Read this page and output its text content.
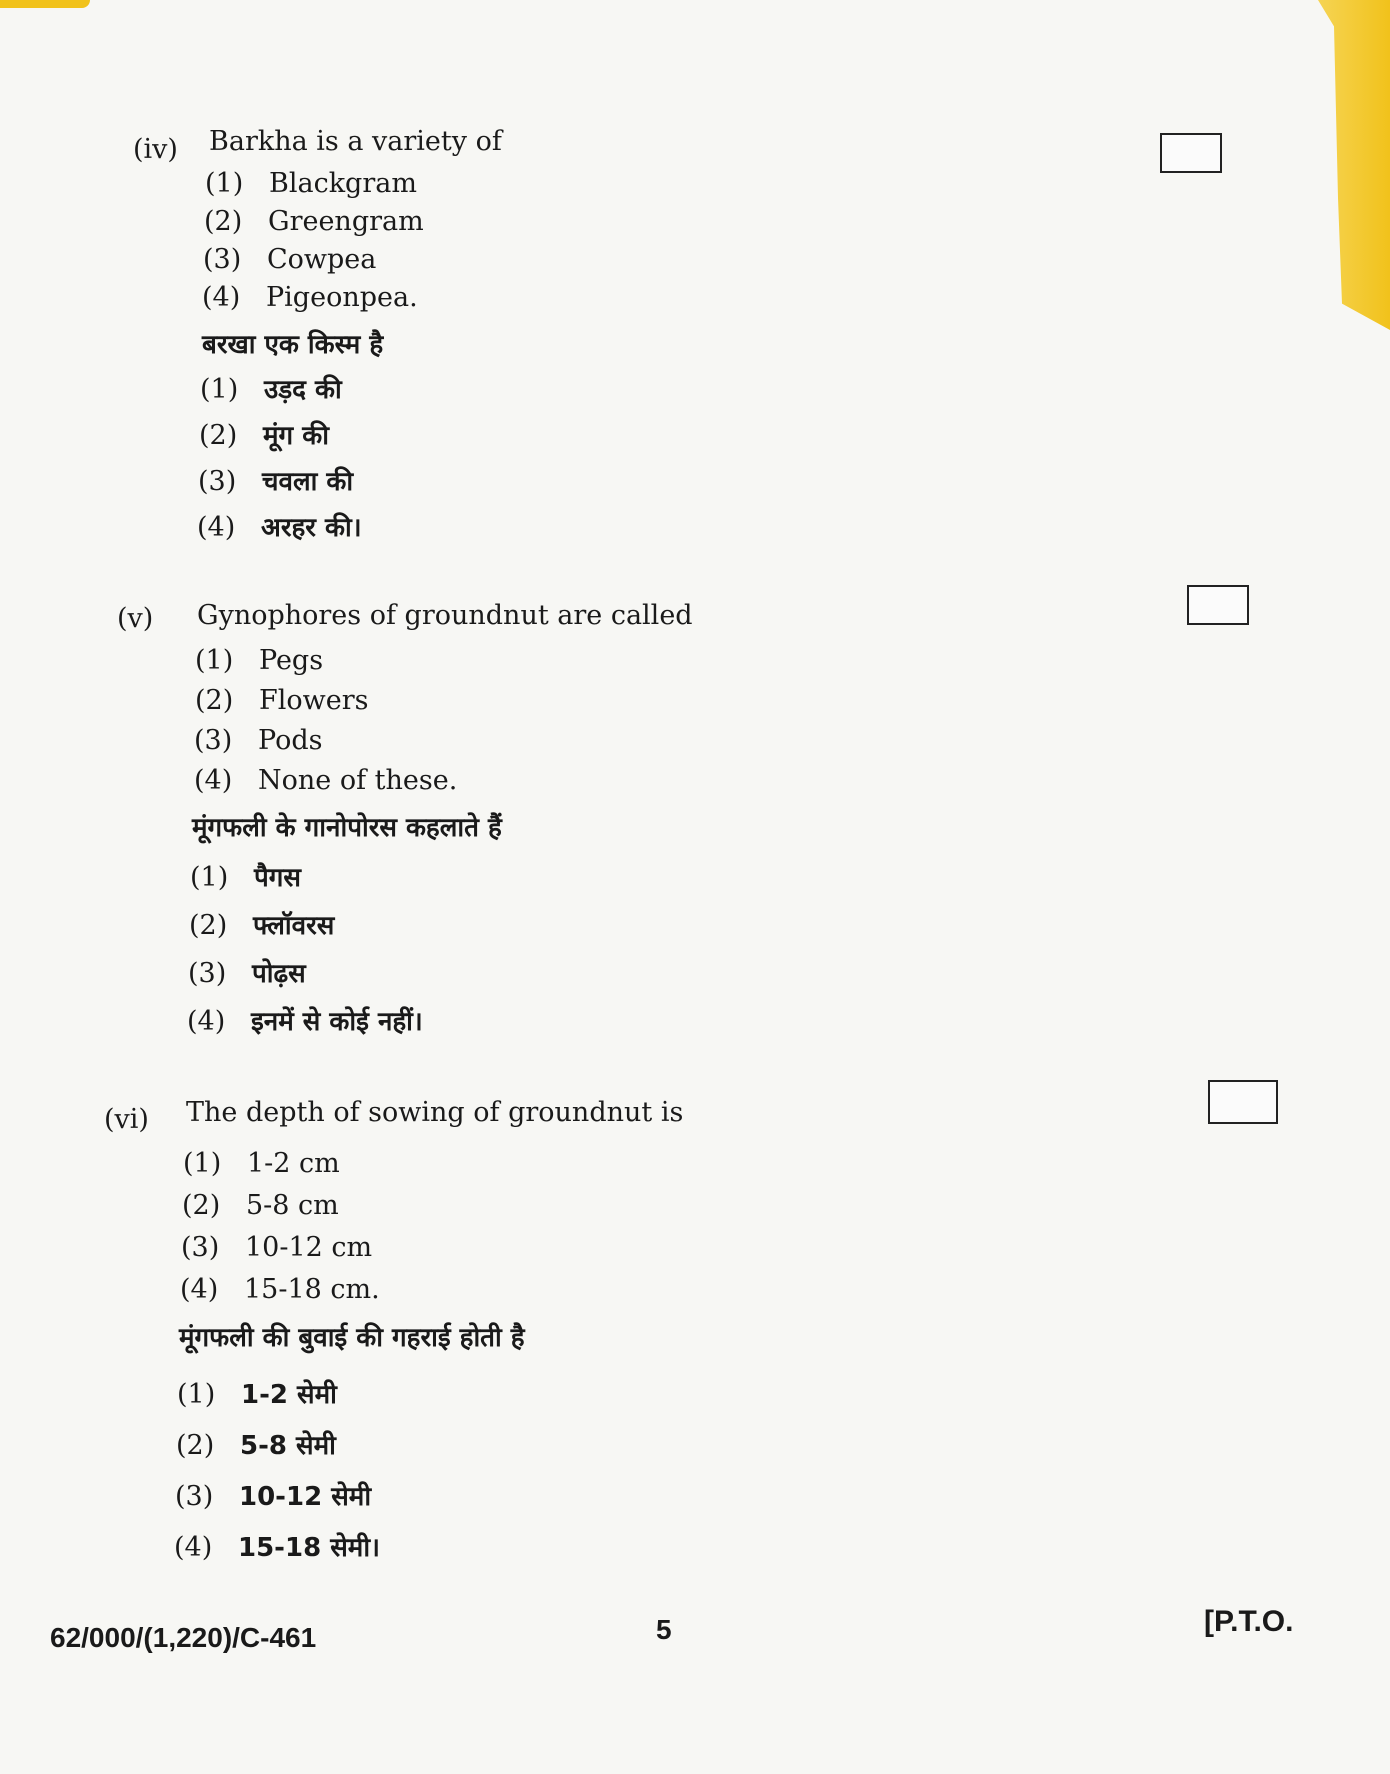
(iv) Barkha is a variety of
(1) Blackgram
(2) Greengram
(3) Cowpea
(4) Pigeonpea.
बरखा एक किस्म है
(1) उड़द की
(2) मूंग की
(3) चवला की
(4) अरहर की।
(v) Gynophores of groundnut are called
(1) Pegs
(2) Flowers
(3) Pods
(4) None of these.
मूंगफली के गानोपोरस कहलाते हैं
(1) पैगस
(2) फ्लॉवरस
(3) पोढ़स
(4) इनमें से कोई नहीं।
(vi) The depth of sowing of groundnut is
(1) 1-2 cm
(2) 5-8 cm
(3) 10-12 cm
(4) 15-18 cm.
मूंगफली की बुवाई की गहराई होती है
(1) 1-2 सेमी
(2) 5-8 सेमी
(3) 10-12 सेमी
(4) 15-18 सेमी।
62/000/(1,220)/C-461	5	[P.T.O.
